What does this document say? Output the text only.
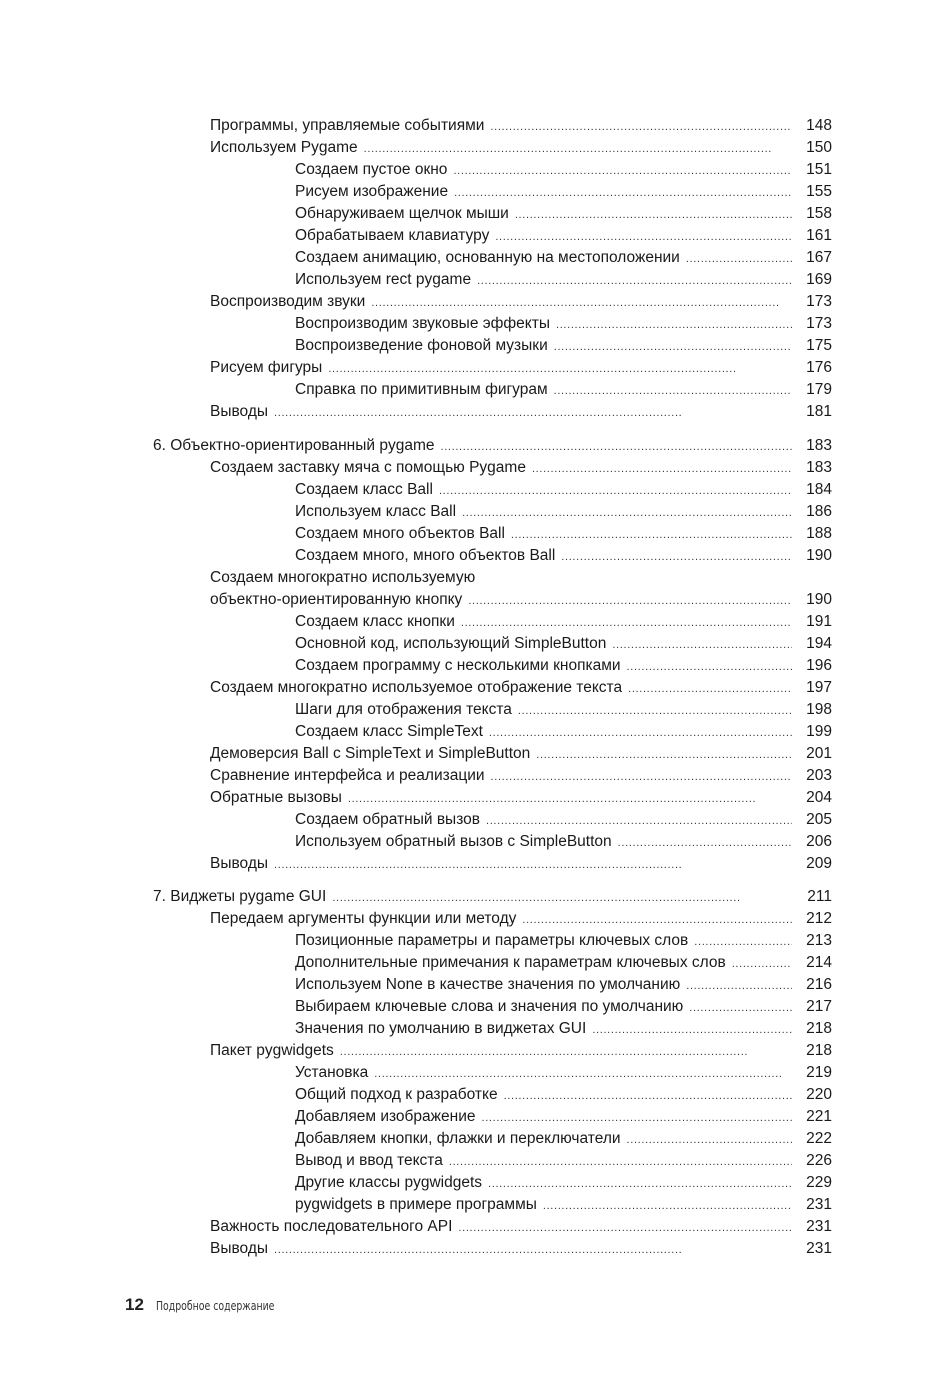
Программы, управляемые событиями . . .	148
Используем Pygame . . .	150
Создаем пустое окно . . .	151
Рисуем изображение . . .	155
Обнаруживаем щелчок мыши . . .	158
Обрабатываем клавиатуру . . .	161
Создаем анимацию, основанную на местоположении . . .	167
Используем rect pygame . . .	169
Воспроизводим звуки . . .	173
Воспроизводим звуковые эффекты . . .	173
Воспроизведение фоновой музыки . . .	175
Рисуем фигуры . . .	176
Справка по примитивным фигурам . . .	179
Выводы . . .	181
6. Объектно-ориентированный pygame . . .	183
Создаем заставку мяча с помощью Pygame . . .	183
Создаем класс Ball . . .	184
Используем класс Ball . . .	186
Создаем много объектов Ball . . .	188
Создаем много, много объектов Ball . . .	190
Создаем многократно используемую
объектно-ориентированную кнопку . . .	190
Создаем класс кнопки . . .	191
Основной код, использующий SimpleButton . . .	194
Создаем программу с несколькими кнопками . . .	196
Создаем многократно используемое отображение текста . . .	197
Шаги для отображения текста . . .	198
Создаем класс SimpleText . . .	199
Демоверсия Ball с SimpleText и SimpleButton . . .	201
Сравнение интерфейса и реализации . . .	203
Обратные вызовы . . .	204
Создаем обратный вызов . . .	205
Используем обратный вызов с SimpleButton . . .	206
Выводы . . .	209
7. Виджеты pygame GUI . . .	211
Передаем аргументы функции или методу . . .	212
Позиционные параметры и параметры ключевых слов . . .	213
Дополнительные примечания к параметрам ключевых слов . . .	214
Используем None в качестве значения по умолчанию . . .	216
Выбираем ключевые слова и значения по умолчанию . . .	217
Значения по умолчанию в виджетах GUI . . .	218
Пакет pygwidgets . . .	218
Установка . . .	219
Общий подход к разработке . . .	220
Добавляем изображение . . .	221
Добавляем кнопки, флажки и переключатели . . .	222
Вывод и ввод текста . . .	226
Другие классы pygwidgets . . .	229
pygwidgets в примере программы . . .	231
Важность последовательного API . . .	231
Выводы . . .	231
12 Подробное содержание
